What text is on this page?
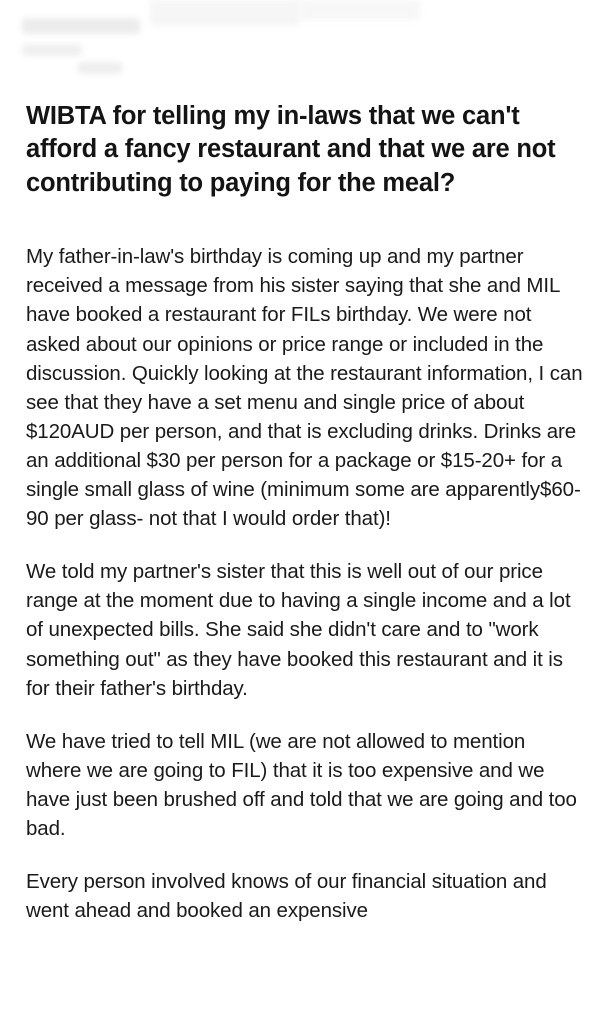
WIBTA for telling my in-laws that we can't afford a fancy restaurant and that we are not contributing to paying for the meal?

My father-in-law's birthday is coming up and my partner received a message from his sister saying that she and MIL have booked a restaurant for FILs birthday. We were not asked about our opinions or price range or included in the discussion. Quickly looking at the restaurant information, I can see that they have a set menu and single price of about $120AUD per person, and that is excluding drinks. Drinks are an additional $30 per person for a package or $15-20+ for a single small glass of wine (minimum some are apparently$60-90 per glass- not that I would order that)!

We told my partner's sister that this is well out of our price range at the moment due to having a single income and a lot of unexpected bills. She said she didn't care and to "work something out" as they have booked this restaurant and it is for their father's birthday.

We have tried to tell MIL (we are not allowed to mention where we are going to FIL) that it is too expensive and we have just been brushed off and told that we are going and too bad.

Every person involved knows of our financial situation and went ahead and booked an expensive
